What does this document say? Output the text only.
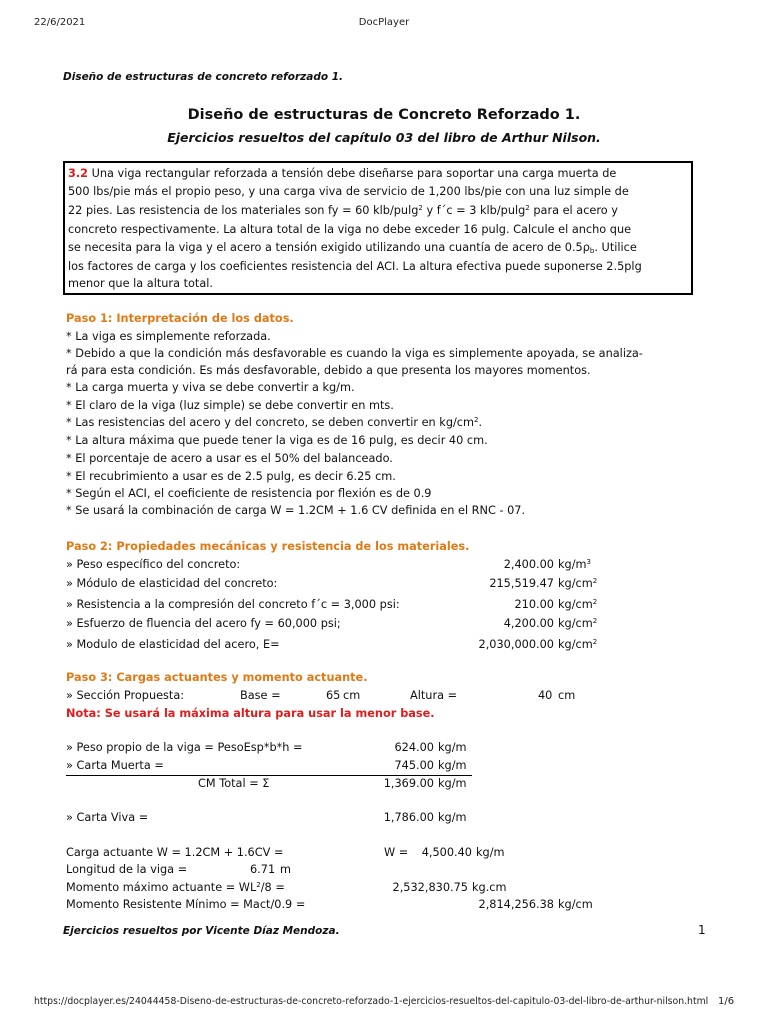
22/6/2021	DocPlayer
https://docplayer.es/24044458-Diseno-de-estructuras-de-concreto-reforzado-1-ejercicios-resueltos-del-capitulo-03-del-libro-de-arthur-nilson.html 1/6
Diseño de estructuras de concreto reforzado 1.
Diseño de estructuras de Concreto Reforzado 1.
Ejercicios resueltos del capítulo 03 del libro de Arthur Nilson.
3.2 Una viga rectangular reforzada a tensión debe diseñarse para soportar una carga muerta de
500 lbs/pie más el propio peso, y una carga viva de servicio de 1,200 lbs/pie con una luz simple de
22 pies. Las resistencia de los materiales son fy = 60 klb/pulg$^2$ y f´c = 3 klb/pulg$^2$ para el acero y
concreto respectivamente. La altura total de la viga no debe exceder 16 pulg. Calcule el ancho que
se necesita para la viga y el acero a tensión exigido utilizando una cuantía de acero de $0.5\rho_b$. Utilice
los factores de carga y los coeficientes resistencia del ACI. La altura efectiva puede suponerse 2.5plg
menor que la altura total.
Paso 1: Interpretación de los datos.
* La viga es simplemente reforzada.
* Debido a que la condición más desfavorable es cuando la viga es simplemente apoyada, se analiza-
rá para esta condición. Es más desfavorable, debido a que presenta los mayores momentos.
* La carga muerta y viva se debe convertir a kg/m.
* El claro de la viga (luz simple) se debe convertir en mts.
* Las resistencias del acero y del concreto, se deben convertir en $kg/cm^2$.
* La altura máxima que puede tener la viga es de 16 pulg, es decir 40 cm.
* El porcentaje de acero a usar es el 50% del balanceado.
* El recubrimiento a usar es de 2.5 pulg, es decir 6.25 cm.
* Según el ACI, el coeficiente de resistencia por flexión es de 0.9
* Se usará la combinación de carga W = 1.2CM + 1.6 CV definida en el RNC - 07.
Paso 2: Propiedades mecánicas y resistencia de los materiales.
» Peso específico del concreto:	2,400.00 $kg/m^3$
» Módulo de elasticidad del concreto:	215,519.47 $kg/cm^2$
» Resistencia a la compresión del concreto f´c = 3,000 psi:	210.00 $kg/cm^2$
» Esfuerzo de fluencia del acero fy = 60,000 psi;	4,200.00 $kg/cm^2$
» Modulo de elasticidad del acero, E=	2,030,000.00 $kg/cm^2$
Paso 3: Cargas actuantes y momento actuante.
» Sección Propuesta:	Base =	65 cm	Altura =	40 cm
Nota: Se usará la máxima altura para usar la menor base.
» Peso propio de la viga = PesoEsp*b*h =	624.00 kg/m
» Carta Muerta =	745.00 kg/m
CM Total = Σ	1,369.00 kg/m
» Carta Viva =	1,786.00 kg/m
Carga actuante W = 1.2CM + 1.6CV =	W =	4,500.40 kg/m
Longitud de la viga =	6.71 m
Momento máximo actuante = $WL^2/8$ =	2,532,830.75 kg.cm
Momento Resistente Mínimo = Mact/0.9 =	2,814,256.38 kg/cm
Ejercicios resueltos por Vicente Díaz Mendoza.	1
